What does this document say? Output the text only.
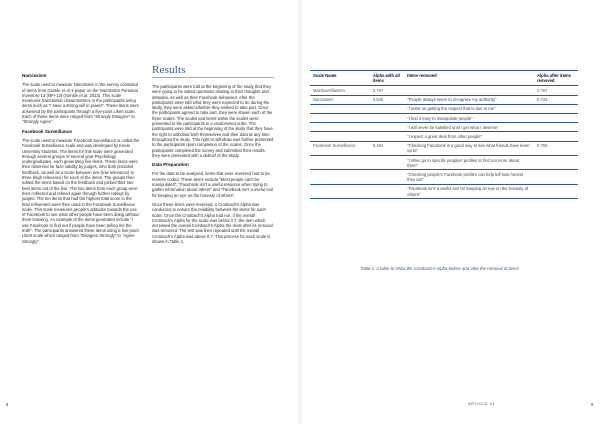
Narcissism

The scale used to measure Narcissism in the survey consisted of items from Gentile et al.'s paper on the Narcissism Personal Inventory-13 (NPI-13) (Gentile et al. 2013). This scale measures Narcissistic characteristics in the participants using items such as "I have a strong will to power". These items were answered by the participants through a five-point Likert scale. Each of these items were ranged from "Strongly Disagree" to "Strongly Agree".

Facebook Surveillance

The scale used to measure Facebook Surveillance is called the Facebook Surveillance scale and was developed by Keele University students. The items for this scale were generated through several groups of second year Psychology undergraduates, each generating five items. These items were then observed for face validity by judges, who both provided feedback, as well as a score between one (low relevance) to three (high relevance) for each of the items. The groups then edited the items based on the feedback and picked their two best items out of the five. The two items from each group were then collected and refined again through further ratings by judges. The ten items that had the highest total score in the final refinement were then used in the Facebook Surveillance scale. This scale measures people's attitudes towards the use of Facebook to see what other people have been doing without them knowing. An example of the items generated include "I use Facebook to find out if people have been telling me the truth". The participants answered these items using a five-point Likert scale which ranged from "Disagree Strongly" to "Agree Strongly".

Results

The participants were told at the beginning of the study that they were going to be asked questions relating to their thoughts and attitudes, as well as their Facebook behaviour. After the participants were told what they were expected to do during the study, they were asked whether they wished to take part. Once the participants agreed to take part, they were shown each of the three scales. The scales and items within the scales were presented to the participants in a randomised order. The participants were told at the beginning of the study that they have the right to withdraw both themselves and their data at any time throughout the study. This right to withdraw was further presented to the participants upon completion of the scales. Once the participants completed the survey and submitted their results, they were presented with a debrief of the study.

Data Preparation

For the data to be analysed, items that were reversed had to be reverse coded. These items include "Most people can't be manipulated", "Facebook isn't a useful resource when trying to gather information about others" and "Facebook isn't a useful tool for keeping an eye on the honesty of others".

Once these items were reversed, a Cronbach's Alpha was conducted to ensure the reliability between the items for each scale. Once the Cronbach's Alpha had run, if the overall Cronbach's Alpha for the scale was below 0.7, the item which increased the overall Cronbach's Alpha the most after its removal was removed. The test was then repeated until the overall Cronbach's Alpha was above 0.7. This process for each scale is shown in Table 1.

8
Scale Name	Alpha with all items	Items removed	Alpha after items removed
Machiavellianism	0.757		0.757
Narcissism	0.645	"People always seem to recognise my authority"	0.733
		"I insist on getting the respect that is due to me"	
		"I find it easy to manipulate people"	
		"I will never be satisfied until I get what I deserve"	
		"I expect a great deal from other people"	
Facebook Surveillance	0.464	"Checking Facebook is a good way to see what friends have been up to"	0.759
		"I often go to specific peoples' profiles to find out more about them"	
		"Checking people's Facebook profiles can help tell how honest they are"	
		"Facebook isn't a useful tool for keeping an eye on the honesty of others"	
Table 1: A table to show the Cronbach's Alpha before and after the removal of items
ARTICLE #1	9
